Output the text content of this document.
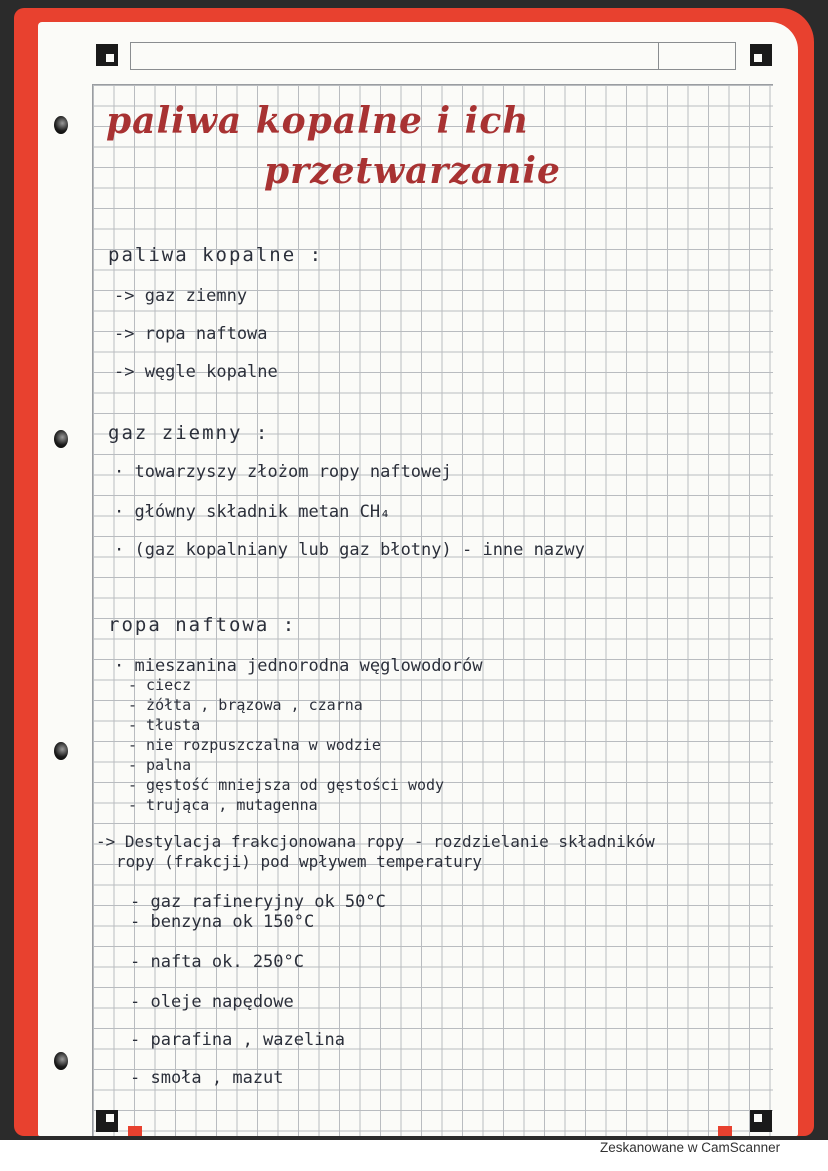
paliwa kopalne i ich
przetwarzanie
paliwa kopalne :
-> gaz ziemny
-> ropa naftowa
-> węgle kopalne
gaz ziemny :
· towarzyszy złożom ropy naftowej
· główny składnik metan CH₄
· (gaz kopalniany lub gaz błotny) - inne nazwy
ropa naftowa :
· mieszanina jednorodna węglowodorów
- ciecz
- żółta , brązowa , czarna
- tłusta
- nie rozpuszczalna w wodzie
- palna
- gęstość mniejsza od gęstości wody
- trująca , mutagenna
-> Destylacja frakcjonowana ropy - rozdzielanie składników
ropy (frakcji) pod wpływem temperatury
- gaz rafineryjny ok 50°C
- benzyna ok 150°C
- nafta ok. 250°C
- oleje napędowe
- parafina , wazelina
- smoła , mazut
Zeskanowane w CamScanner
